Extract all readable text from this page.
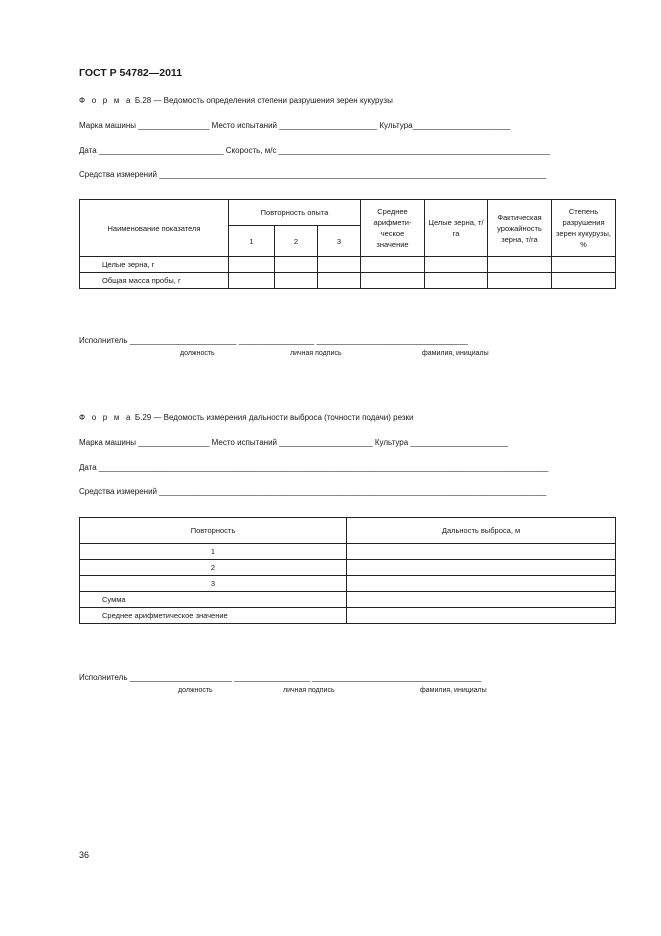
ГОСТ Р 54782—2011
Ф о р м а Б.28 — Ведомость определения степени разрушения зерен кукурузы
Марка машины ________________ Место испытаний ______________________ Культура______________________
Дата ____________________________ Скорость, м/с _____________________________________________________________
Средства измерений _______________________________________________________________________________________
Наименование показателя	Повторность опыта			Среднее арифмети-ческое значение	Целые зерна, т/га	Фактическая урожайность зерна, т/га	Степень разрушения зерен кукурузы, %
	1	2	3				
Целые зерна, г							
Общая масса пробы, г							
Исполнитель ________________________ _________________ __________________________________
должность	личная подпись	фамилия, инициалы
Ф о р м а Б.29 — Ведомость измерения дальности выброса (точности подачи) резки
Марка машины ________________ Место испытаний _____________________ Культура ______________________
Дата _____________________________________________________________________________________________________
Средства измерений _______________________________________________________________________________________
Повторность	Дальность выброса, м
1	
2	
3	
Сумма	
Среднее арифметическое значение	
Исполнитель _______________________ _________________ ______________________________________
должность	личная подпись	фамилия, инициалы
36
